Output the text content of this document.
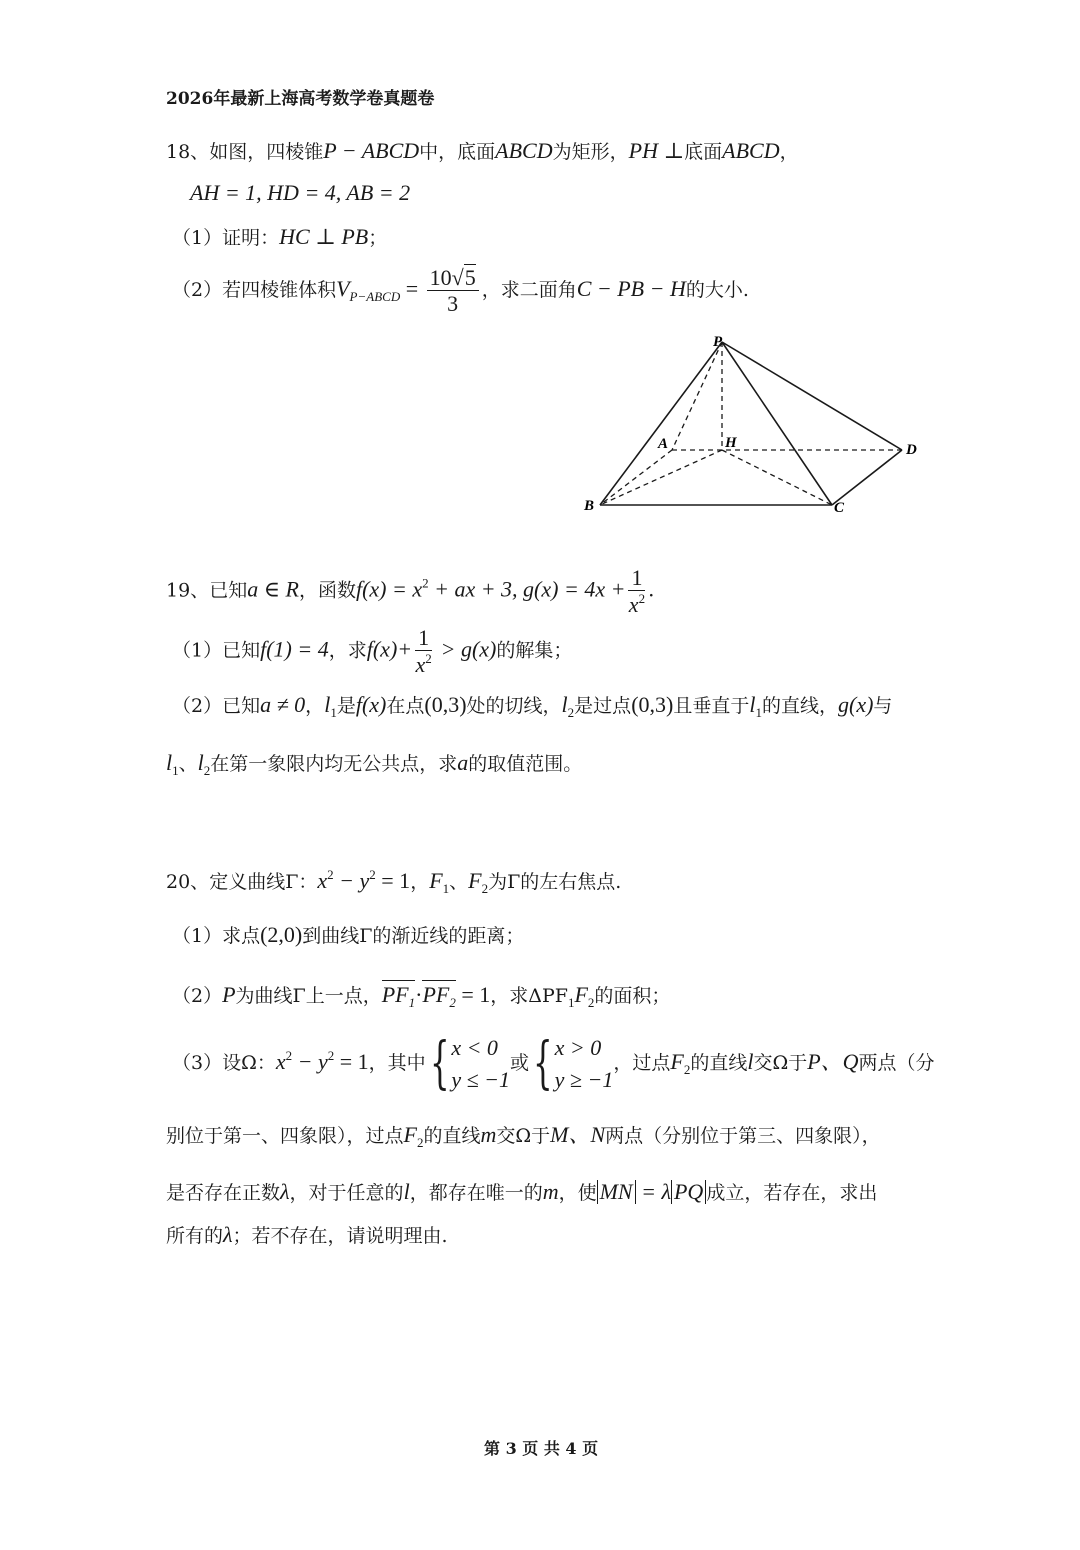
2026年最新上海高考数学卷真题卷
18、如图，四棱锥P − ABCD中，底面ABCD为矩形，PH ⊥底面ABCD，
AH = 1, HD = 4, AB = 2
（1）证明：HC ⊥ PB；
（2）若四棱锥体积$V_{P-ABCD} = \frac{10√5}{3}$ ，求二面角C − PB − H的大小.
P
A	H	D
B	C
19、已知a ∈ R，函数$f(x) = x^2$ + ax + 3, $g(x) = 4x + \frac{1}{x^2}$ .
（1）已知f(1) = 4，求$f(x)+ \frac{1}{x^2} > g(x)$的解集；
（2）已知a ≠ 0，$l_1$是f(x)在点(0,3)处的切线，$l_2$是过点(0,3)且垂直于$l_1$的直线，g(x)与
$l_1$、$l_2$在第一象限内均无公共点，求a的取值范围。
20、定义曲线Γ：$x^2 - y^2 = 1$，$F_1$、$F_2$为Γ的左右焦点.
（1）求点(2,0)到曲线Γ的渐近线的距离；
（2）P为曲线Γ上一点，$PF_1\cdot PF_2 = 1$，求$\Delta PF_1F_2$的面积；
（3）设Ω：$x^2 - y^2 = 1$，其中{ x < 0
y ≤ −1
或{ x > 0
y ≥ −1
，过点$F_2$的直线l交Ω于P、Q两点（分
别位于第一、四象限），过点$F_2$的直线m交Ω于M、N两点（分别位于第三、四象限），
是否存在正数λ，对于任意的l，都存在唯一的m，使 MN = λ PQ 成立，若存在，求出
所有的λ；若不存在，请说明理由.
第 3 页 共 4 页
